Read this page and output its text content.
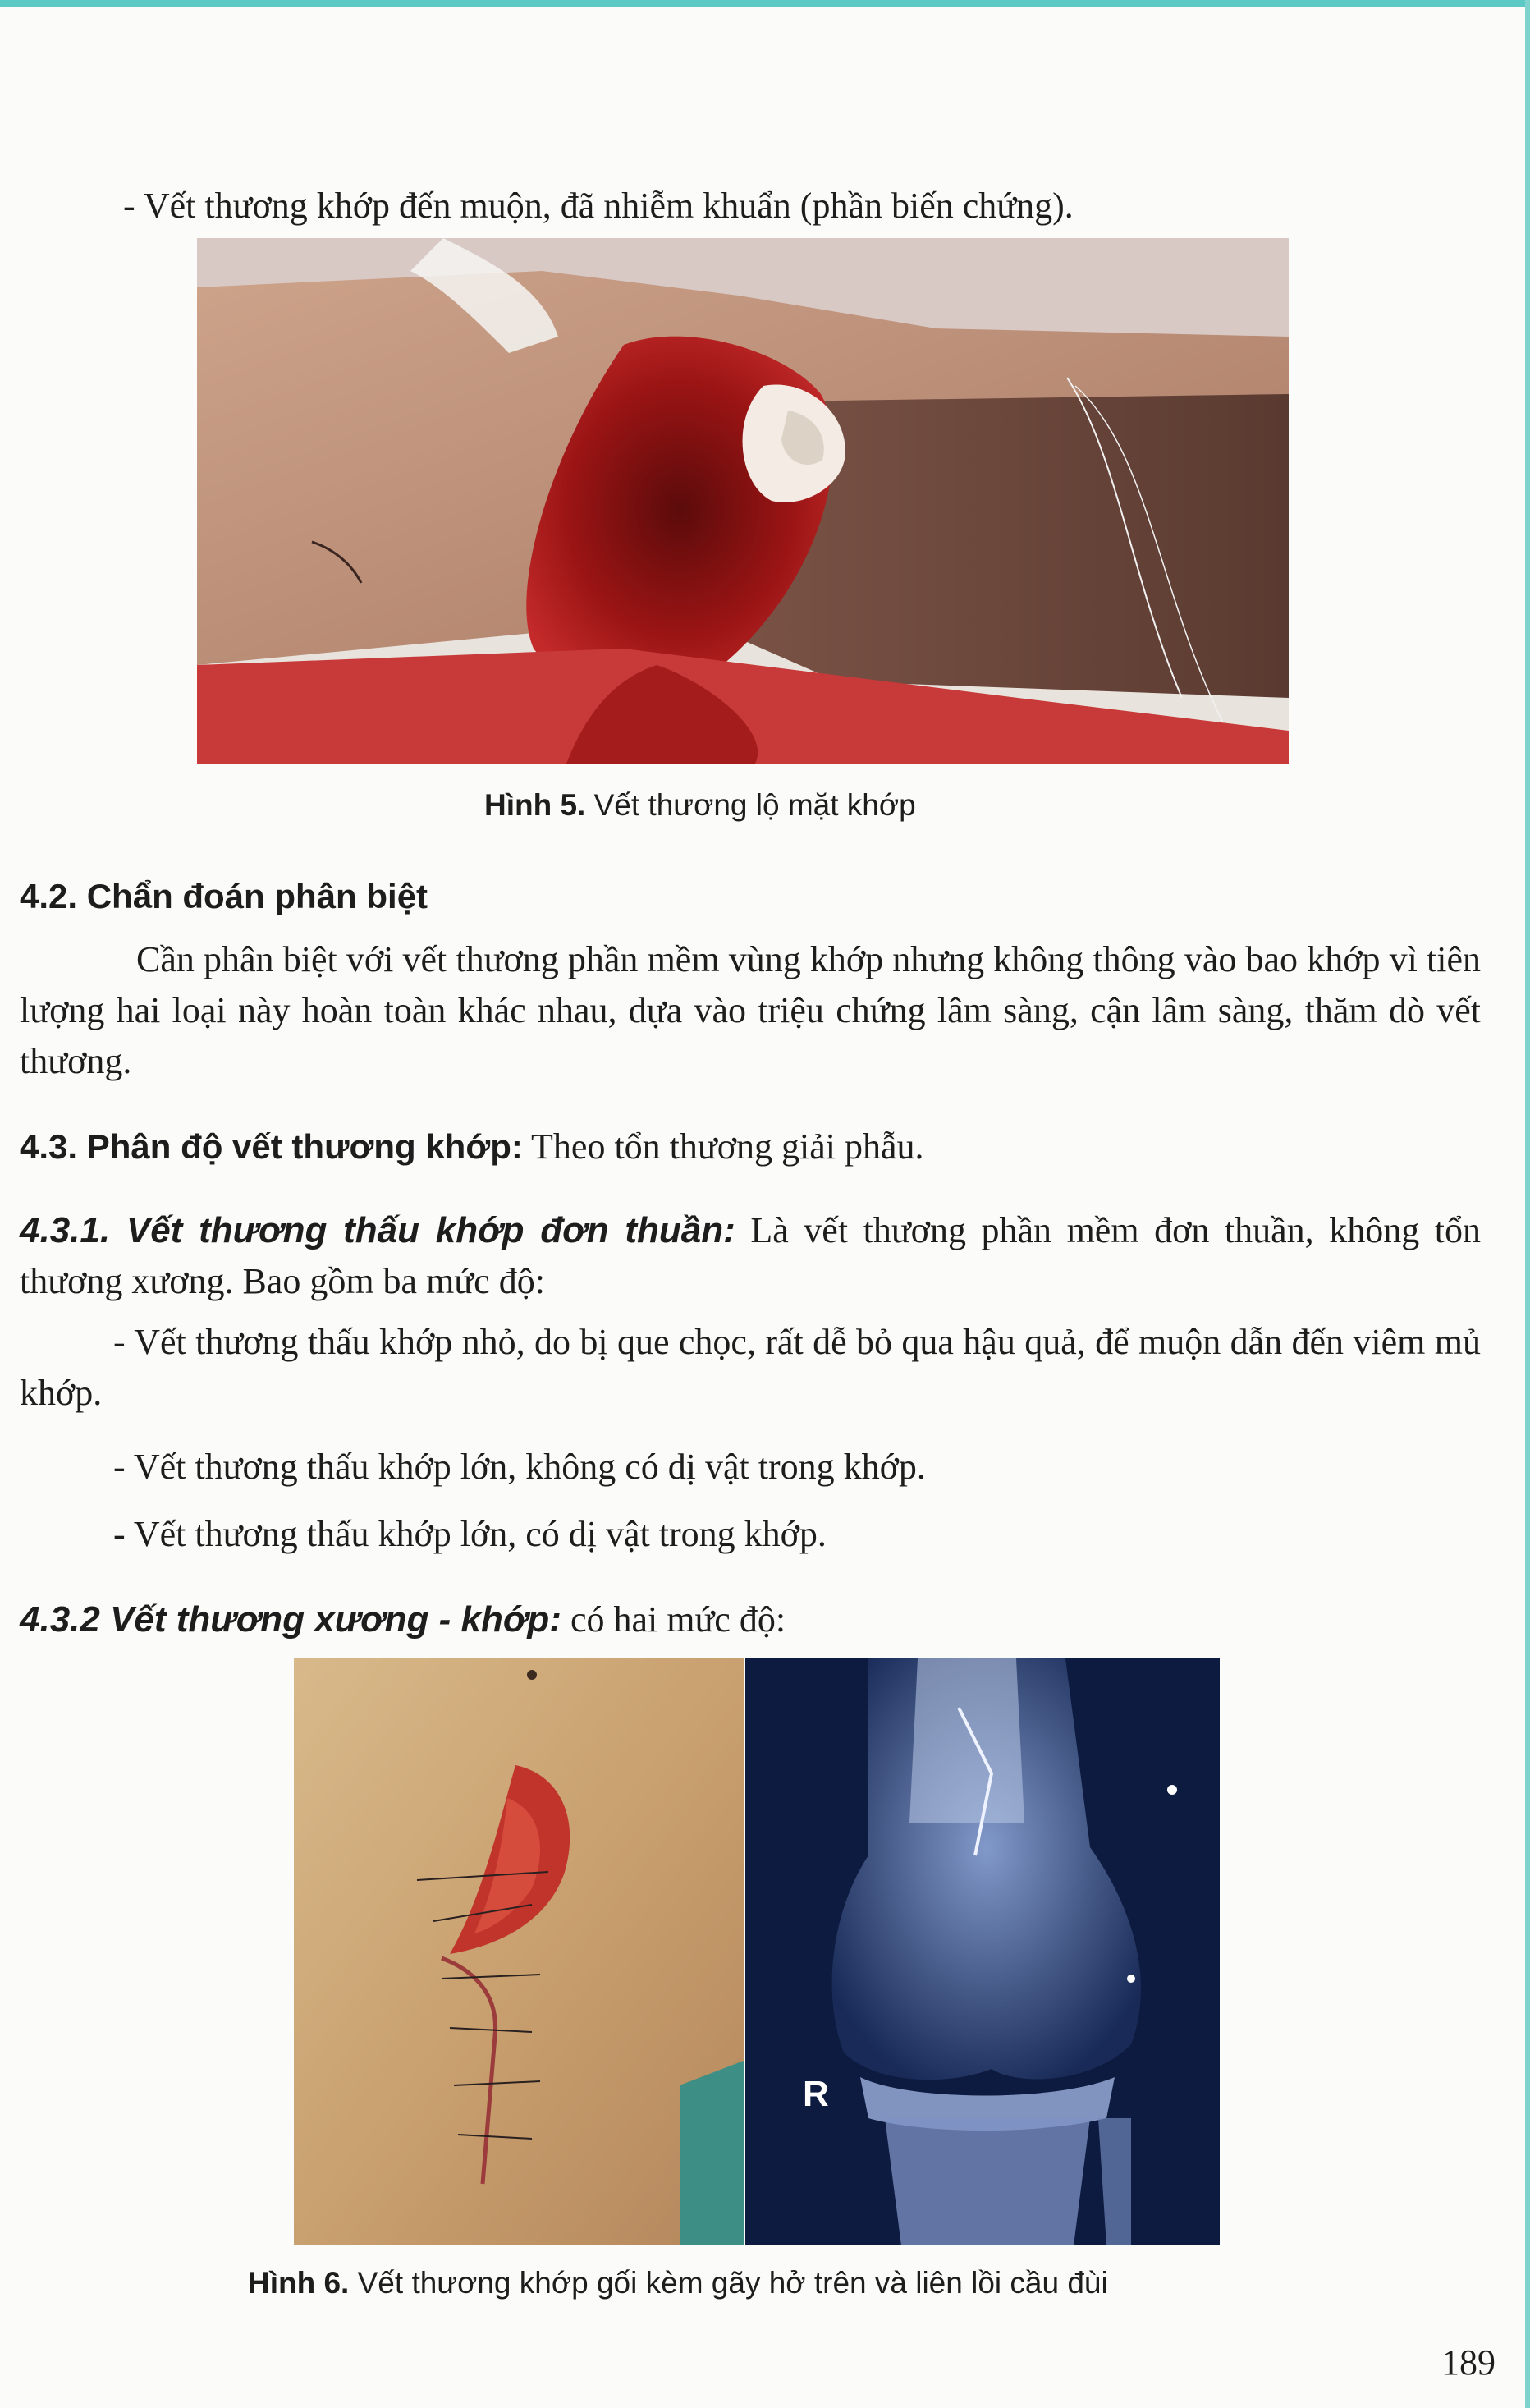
- Vết thương khớp đến muộn, đã nhiễm khuẩn (phần biến chứng).
Hình 5. Vết thương lộ mặt khớp
4.2. Chẩn đoán phân biệt
Cần phân biệt với vết thương phần mềm vùng khớp nhưng không thông vào bao khớp vì tiên lượng hai loại này hoàn toàn khác nhau, dựa vào triệu chứng lâm sàng, cận lâm sàng, thăm dò vết thương.
4.3. Phân độ vết thương khớp: Theo tổn thương giải phẫu.
4.3.1. Vết thương thấu khớp đơn thuần: Là vết thương phần mềm đơn thuần, không tổn thương xương. Bao gồm ba mức độ:
- Vết thương thấu khớp nhỏ, do bị que chọc, rất dễ bỏ qua hậu quả, để muộn dẫn đến viêm mủ khớp.
- Vết thương thấu khớp lớn, không có dị vật trong khớp.
- Vết thương thấu khớp lớn, có dị vật trong khớp.
4.3.2 Vết thương xương - khớp: có hai mức độ:
R
Hình 6. Vết thương khớp gối kèm gãy hở trên và liên lồi cầu đùi
189
